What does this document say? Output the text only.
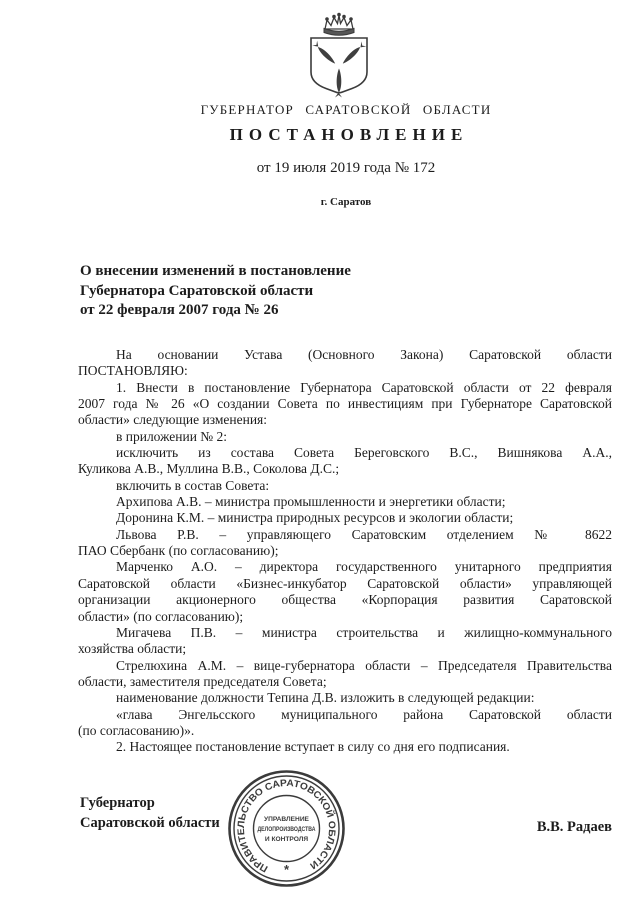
ГУБЕРНАТОР САРАТОВСКОЙ ОБЛАСТИ
ПОСТАНОВЛЕНИЕ
от 19 июля 2019 года № 172
г. Саратов
О внесении изменений в постановление
Губернатора Саратовской области
от 22 февраля 2007 года № 26
На основании Устава (Основного Закона) Саратовской области
ПОСТАНОВЛЯЮ:
1. Внести в постановление Губернатора Саратовской области от 22 февраля
2007 года № 26 «О создании Совета по инвестициям при Губернаторе Саратовской
области» следующие изменения:
в приложении № 2:
исключить из состава Совета Береговского В.С., Вишнякова А.А.,
Куликова А.В., Муллина В.В., Соколова Д.С.;
включить в состав Совета:
Архипова А.В. – министра промышленности и энергетики области;
Доронина К.М. – министра природных ресурсов и экологии области;
Львова Р.В. – управляющего Саратовским отделением № 8622
ПАО Сбербанк (по согласованию);
Марченко А.О. – директора государственного унитарного предприятия
Саратовской области «Бизнес-инкубатор Саратовской области» управляющей
организации акционерного общества «Корпорация развития Саратовской
области» (по согласованию);
Мигачева П.В. – министра строительства и жилищно-коммунального
хозяйства области;
Стрелюхина А.М. – вице-губернатора области – Председателя Правительства
области, заместителя председателя Совета;
наименование должности Тепина Д.В. изложить в следующей редакции:
«глава Энгельсского муниципального района Саратовской области
(по согласованию)».
2. Настоящее постановление вступает в силу со дня его подписания.
Губернатор
Саратовской области	В.В. Радаев
ПРАВИТЕЛЬСТВО САРАТОВСКОЙ ОБЛАСТИ
*
УПРАВЛЕНИЕ
ДЕЛОПРОИЗВОДСТВА
И КОНТРОЛЯ
